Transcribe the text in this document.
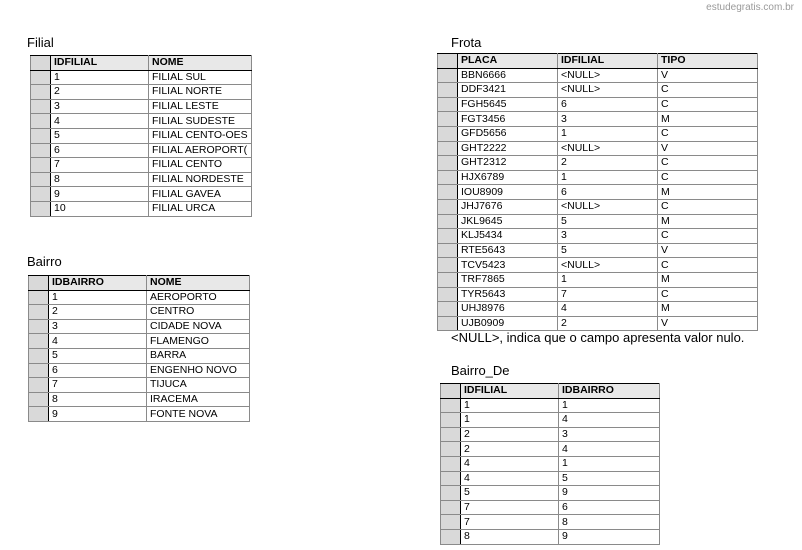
estudegratis.com.br
Filial
	IDFILIAL	NOME
	1	FILIAL SUL
	2	FILIAL NORTE
	3	FILIAL LESTE
	4	FILIAL SUDESTE
	5	FILIAL CENTO-OES
	6	FILIAL AEROPORT(
	7	FILIAL CENTO
	8	FILIAL NORDESTE
	9	FILIAL GAVEA
	10	FILIAL URCA
Bairro
	IDBAIRRO	NOME
	1	AEROPORTO
	2	CENTRO
	3	CIDADE NOVA
	4	FLAMENGO
	5	BARRA
	6	ENGENHO NOVO
	7	TIJUCA
	8	IRACEMA
	9	FONTE NOVA
Frota
	PLACA	IDFILIAL	TIPO
	BBN6666	<NULL>	V
	DDF3421	<NULL>	C
	FGH5645	6	C
	FGT3456	3	M
	GFD5656	1	C
	GHT2222	<NULL>	V
	GHT2312	2	C
	HJX6789	1	C
	IOU8909	6	M
	JHJ7676	<NULL>	C
	JKL9645	5	M
	KLJ5434	3	C
	RTE5643	5	V
	TCV5423	<NULL>	C
	TRF7865	1	M
	TYR5643	7	C
	UHJ8976	4	M
	UJB0909	2	V
<NULL>, indica que o campo apresenta valor nulo.
Bairro_De
	IDFILIAL	IDBAIRRO
	1	1
	1	4
	2	3
	2	4
	4	1
	4	5
	5	9
	7	6
	7	8
	8	9
